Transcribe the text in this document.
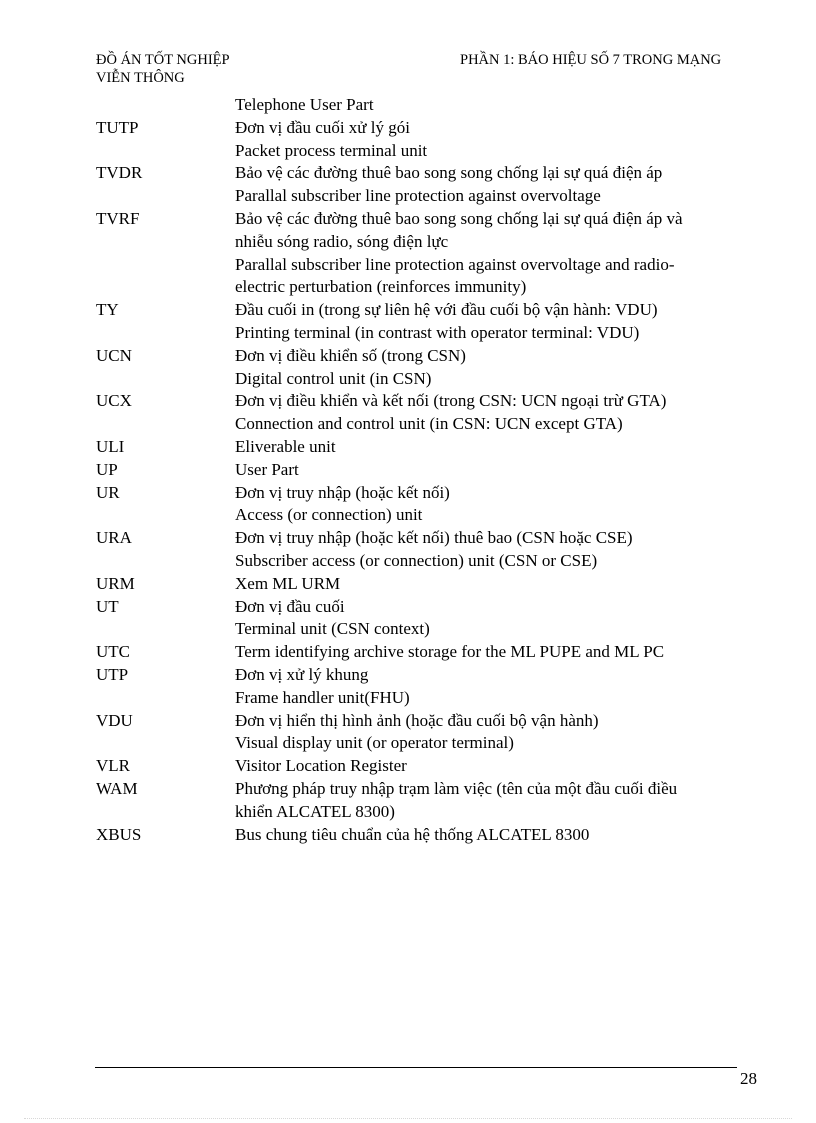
ĐỒ ÁN TỐT NGHIỆP
VIỄN THÔNG
PHẦN 1: BÁO HIỆU SỐ 7 TRONG MẠNG
Telephone User Part
TUTP	Đơn vị đầu cuối xử lý gói
Packet process terminal unit
TVDR	Bảo vệ các đường thuê bao song song chống lại sự quá điện áp
Parallal subscriber line protection against overvoltage
TVRF	Bảo vệ các đường thuê bao song song chống lại sự quá điện áp và
nhiễu sóng radio, sóng điện lực
Parallal subscriber line protection against overvoltage and radio-
electric perturbation (reinforces immunity)
TY	Đầu cuối in (trong sự liên hệ với đầu cuối bộ vận hành: VDU)
Printing terminal (in contrast with operator terminal: VDU)
UCN	Đơn vị điều khiển số (trong CSN)
Digital control unit (in CSN)
UCX	Đơn vị điều khiển và kết nối (trong CSN: UCN ngoại trừ GTA)
Connection and control unit (in CSN: UCN except GTA)
ULI	Eliverable unit
UP	User Part
UR	Đơn vị truy nhập (hoặc kết nối)
Access (or connection) unit
URA	Đơn vị truy nhập (hoặc kết nối) thuê bao (CSN hoặc CSE)
Subscriber access (or connection) unit (CSN or CSE)
URM	Xem ML URM
UT	Đơn vị đầu cuối
Terminal unit (CSN context)
UTC	Term identifying archive storage for the ML PUPE and ML PC
UTP	Đơn vị xử lý khung
Frame handler unit(FHU)
VDU	Đơn vị hiển thị hình ảnh (hoặc đầu cuối bộ vận hành)
Visual display unit (or operator terminal)
VLR	Visitor Location Register
WAM	Phương pháp truy nhập trạm làm việc (tên của một đầu cuối điều
khiển ALCATEL 8300)
XBUS	Bus chung tiêu chuẩn của hệ thống ALCATEL 8300
28
